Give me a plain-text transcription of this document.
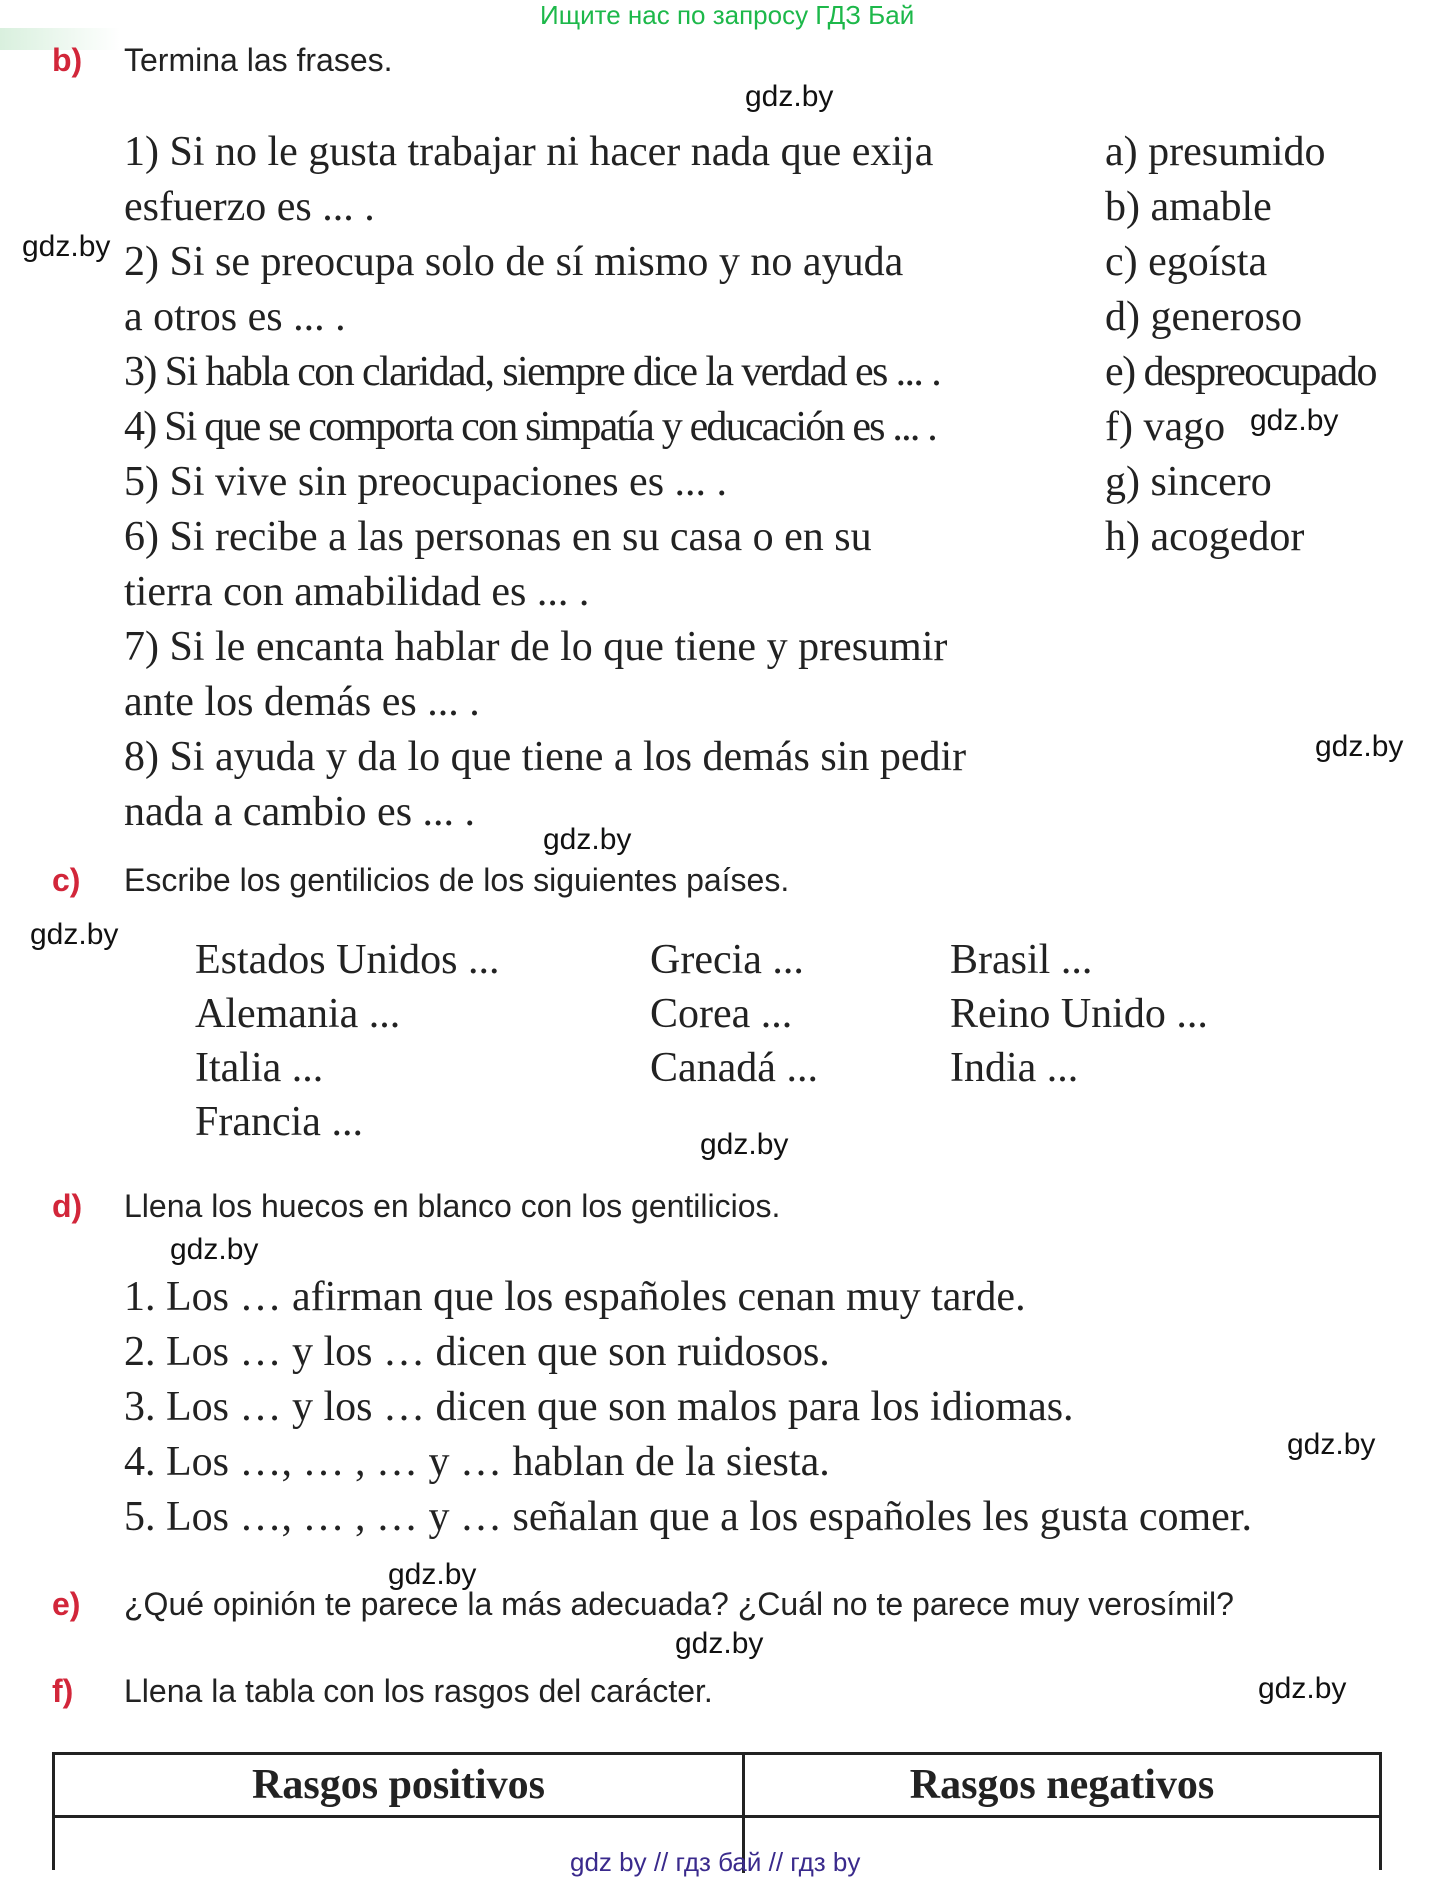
Ищите нас по запросу ГДЗ Бай
b) Termina las frases.
gdz.by
1) Si no le gusta trabajar ni hacer nada que exija
esfuerzo es ... .
gdz.by 2) Si se preocupa solo de sí mismo y no ayuda
a otros es ... .
3) Si habla con claridad, siempre dice la verdad es ... .
4) Si que se comporta con simpatía y educación es ... .
5) Si vive sin preocupaciones es ... .
6) Si recibe a las personas en su casa o en su
tierra con amabilidad es ... .
7) Si le encanta hablar de lo que tiene y presumir
ante los demás es ... .
8) Si ayuda y da lo que tiene a los demás sin pedir
nada a cambio es ... .
a) presumido
b) amable
c) egoísta
d) generoso
e) despreocupado
f) vago gdz.by
g) sincero
h) acogedor
gdz.by
gdz.by
c) Escribe los gentilicios de los siguientes países.
gdz.by
Estados Unidos ...
Alemania ...
Italia ...
Francia ...
Grecia ...
Corea ...
Canadá ...
Brasil ...
Reino Unido ...
India ...
gdz.by
d) Llena los huecos en blanco con los gentilicios.
gdz.by
1. Los … afirman que los españoles cenan muy tarde.
2. Los … y los … dicen que son ruidosos.
3. Los … y los … dicen que son malos para los idiomas.
gdz.by
4. Los …, … , … y … hablan de la siesta.
5. Los …, … , … y … señalan que a los españoles les gusta comer.
gdz.by
e) ¿Qué opinión te parece la más adecuada? ¿Cuál no te parece muy verosímil?
gdz.by
f) Llena la tabla con los rasgos del carácter.	gdz.by
Rasgos positivos	Rasgos negativos
gdz by // гдз бай // гдз by
